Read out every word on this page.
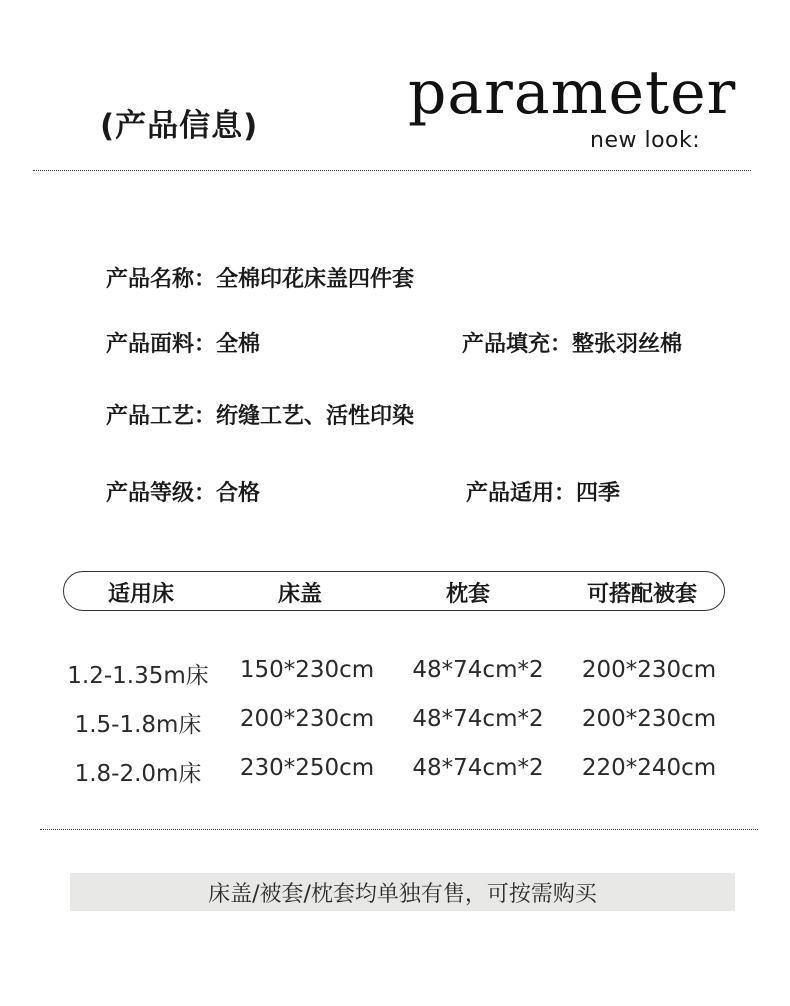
(产品信息) parameter
new look:
产品名称：全棉印花床盖四件套
产品面料：全棉	产品填充：整张羽丝棉
产品工艺：绗缝工艺、活性印染
产品等级：合格	产品适用：四季
适用床	床盖	枕套	可搭配被套
1.2-1.35m床	150*230cm	48*74cm*2	200*230cm
1.5-1.8m床	200*230cm	48*74cm*2	200*230cm
1.8-2.0m床	230*250cm	48*74cm*2	220*240cm
床盖/被套/枕套均单独有售，可按需购买
